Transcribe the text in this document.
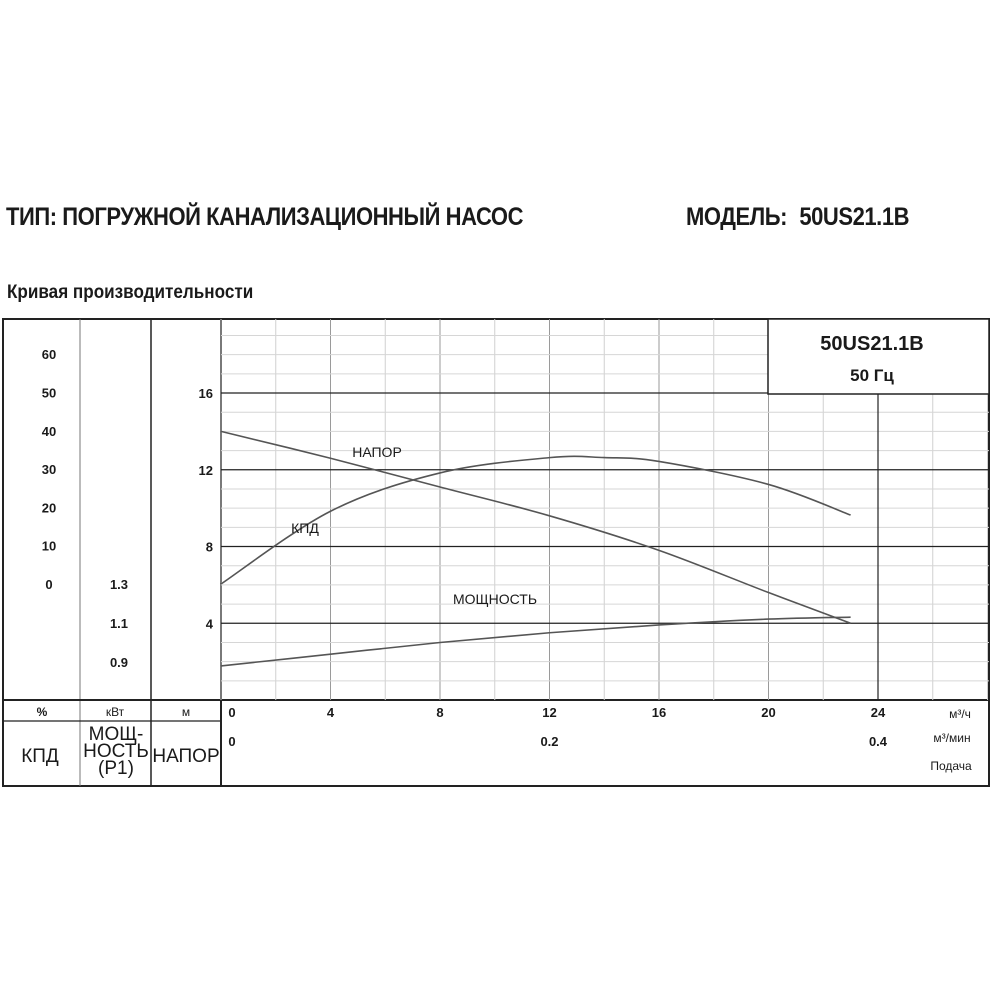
ТИП: ПОГРУЖНОЙ КАНАЛИЗАЦИОННЫЙ НАСОС	МОДЕЛЬ: 50US21.1B
Кривая производительности
0	4	8	12	16	20	24
0	0.2	0.4
4
8
12
16
0.9
1.1
1.3
0
10
20
30
40
50
60	50US21.1B
50 Гц
%	кВт	м
КПД
МОЩ-НОСТЬ (P1)
НАПОР
м³/ч
м³/мин
Подача
НАПОР
КПД
МОЩНОСТЬ
